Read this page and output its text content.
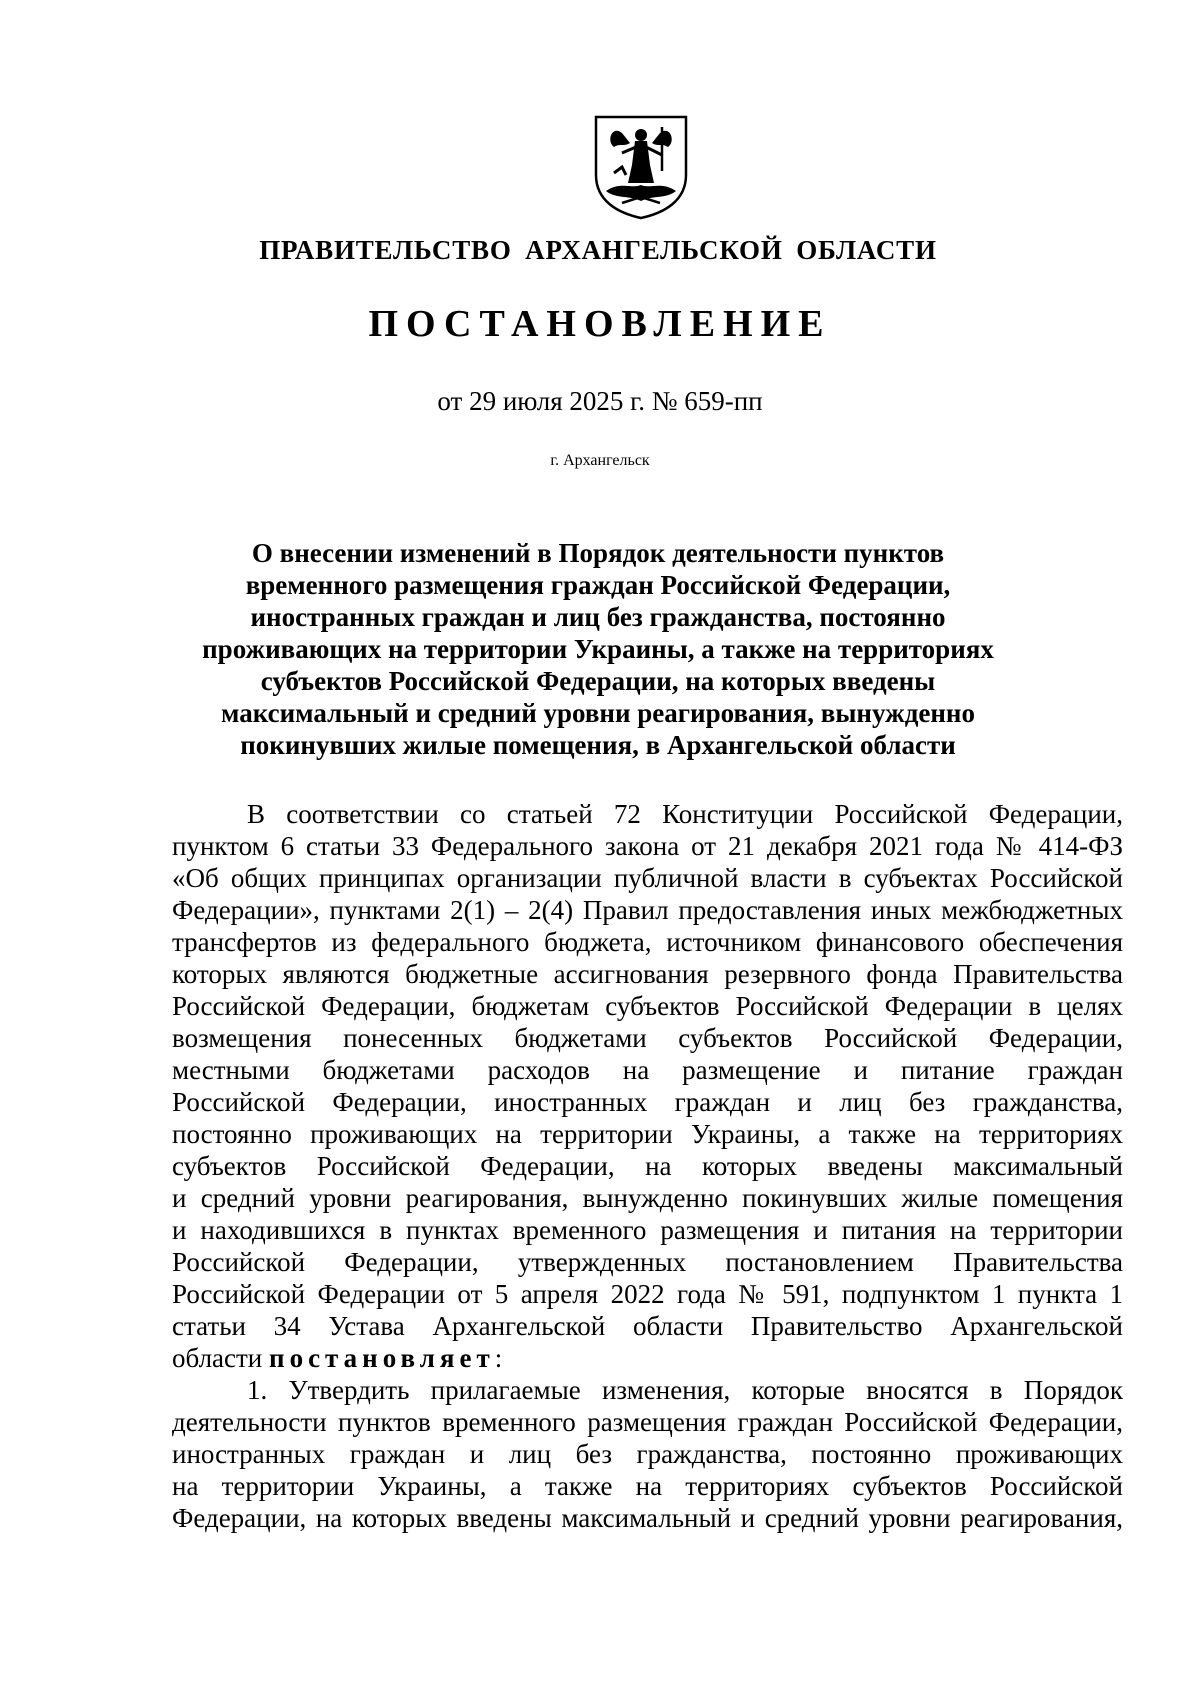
ПРАВИТЕЛЬСТВО АРХАНГЕЛЬСКОЙ ОБЛАСТИ
ПОСТАНОВЛЕНИЕ
от 29 июля 2025 г. № 659-пп
г. Архангельск
О внесении изменений в Порядок деятельности пунктов
временного размещения граждан Российской Федерации,
иностранных граждан и лиц без гражданства, постоянно
проживающих на территории Украины, а также на территориях
субъектов Российской Федерации, на которых введены
максимальный и средний уровни реагирования, вынужденно
покинувших жилые помещения, в Архангельской области
В соответствии со статьей 72 Конституции Российской Федерации,
пунктом 6 статьи 33 Федерального закона от 21 декабря 2021 года № 414-ФЗ
«Об общих принципах организации публичной власти в субъектах Российской
Федерации», пунктами 2(1) – 2(4) Правил предоставления иных межбюджетных
трансфертов из федерального бюджета, источником финансового обеспечения
которых являются бюджетные ассигнования резервного фонда Правительства
Российской Федерации, бюджетам субъектов Российской Федерации в целях
возмещения понесенных бюджетами субъектов Российской Федерации,
местными бюджетами расходов на размещение и питание граждан
Российской Федерации, иностранных граждан и лиц без гражданства,
постоянно проживающих на территории Украины, а также на территориях
субъектов Российской Федерации, на которых введены максимальный
и средний уровни реагирования, вынужденно покинувших жилые помещения
и находившихся в пунктах временного размещения и питания на территории
Российской Федерации, утвержденных постановлением Правительства
Российской Федерации от 5 апреля 2022 года № 591, подпунктом 1 пункта 1
статьи 34 Устава Архангельской области Правительство Архангельской
области постановляет:
1. Утвердить прилагаемые изменения, которые вносятся в Порядок
деятельности пунктов временного размещения граждан Российской Федерации,
иностранных граждан и лиц без гражданства, постоянно проживающих
на территории Украины, а также на территориях субъектов Российской
Федерации, на которых введены максимальный и средний уровни реагирования,
